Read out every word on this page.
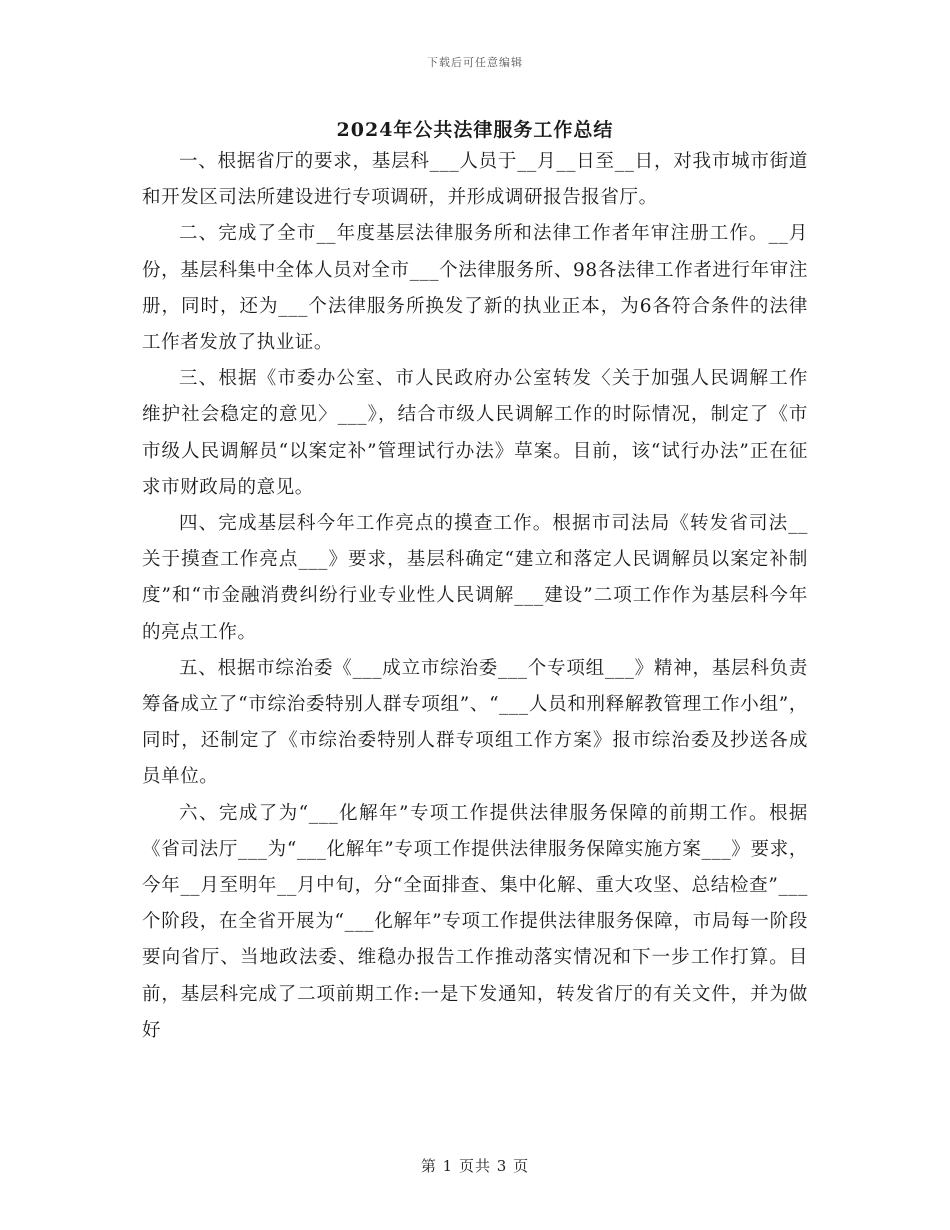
下载后可任意编辑
2024年公共法律服务工作总结

一、根据省厅的要求，基层科___人员于__月__日至__日，对我市城市街道和开发区司法所建设进行专项调研，并形成调研报告报省厅。

二、完成了全市__年度基层法律服务所和法律工作者年审注册工作。__月份，基层科集中全体人员对全市___个法律服务所、98各法律工作者进行年审注册，同时，还为___个法律服务所换发了新的执业正本，为6各符合条件的法律工作者发放了执业证。

三、根据《市委办公室、市人民政府办公室转发〈关于加强人民调解工作维护社会稳定的意见〉___》，结合市级人民调解工作的时际情况，制定了《市市级人民调解员“以案定补”管理试行办法》草案。目前，该“试行办法”正在征求市财政局的意见。

四、完成基层科今年工作亮点的摸查工作。根据市司法局《转发省司法__关于摸查工作亮点___》要求，基层科确定“建立和落定人民调解员以案定补制度”和“市金融消费纠纷行业专业性人民调解___建设”二项工作作为基层科今年的亮点工作。

五、根据市综治委《___成立市综治委___个专项组___》精神，基层科负责筹备成立了“市综治委特别人群专项组”、“___人员和刑释解教管理工作小组”，同时，还制定了《市综治委特别人群专项组工作方案》报市综治委及抄送各成员单位。

六、完成了为“___化解年”专项工作提供法律服务保障的前期工作。根据《省司法厅___为“___化解年”专项工作提供法律服务保障实施方案___》要求，今年__月至明年__月中旬，分“全面排查、集中化解、重大攻坚、总结检查”___个阶段，在全省开展为“___化解年”专项工作提供法律服务保障，市局每一阶段要向省厅、当地政法委、维稳办报告工作推动落实情况和下一步工作打算。目前，基层科完成了二项前期工作:一是下发通知，转发省厅的有关文件，并为做好

第 1 页共 3 页
